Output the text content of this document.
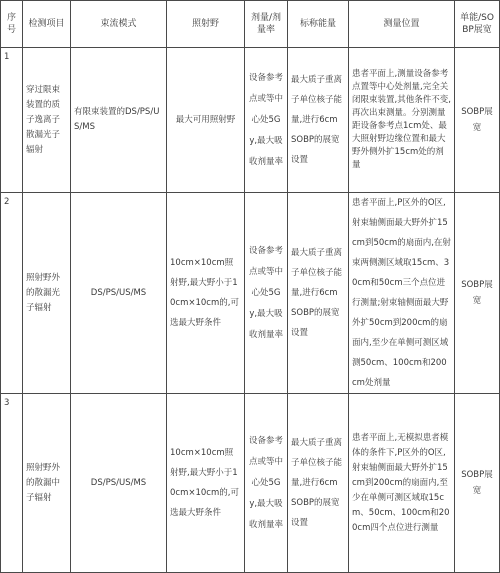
序号	检测项目	束流模式	照射野	剂量/剂量率	标称能量	测量位置	单能/SOBP展宽
1	穿过限束装置的质子逸离子散漏光子辐射	有限束装置的DS/PS/US/MS	最大可用照射野	设备参考点或等中心处5Gy,最大吸收剂量率	最大质子重离子单位核子能量,进行6cm SOBP的展宽设置	患者平面上,测量设备参考点置等中心处剂量,完全关闭限束装置,其他条件不变,再次出束测量。分别测量距设备参考点1cm处、最大照射野边缘位置和最大野外侧外扩15cm处的剂量	SOBP展宽
2	照射野外的散漏光子辐射	DS/PS/US/MS	10cm×10cm照射野,最大野小于10cm×10cm的,可选最大野条件	设备参考点或等中心处5Gy,最大吸收剂量率	最大质子重离子单位核子能量,进行6cm SOBP的展宽设置	患者平面上,P区外的O区,射束轴侧面最大野外扩15cm到50cm的扇面内,在射束两侧测区域取15cm、30cm和50cm三个点位进行测量;射束轴侧面最大野外扩50cm到200cm的扇面内,至少在单侧可测区域测50cm、100cm和200cm处剂量	SOBP展宽
3	照射野外的散漏中子辐射	DS/PS/US/MS	10cm×10cm照射野,最大野小于10cm×10cm的,可选最大野条件	设备参考点或等中心处5Gy,最大吸收剂量率	最大质子重离子单位核子能量,进行6cm SOBP的展宽设置	患者平面上,无模拟患者模体的条件下,P区外的O区,射束轴侧面最大野外扩15cm到200cm的扇面内,至少在单侧可测区域取15cm、50cm、100cm和200cm四个点位进行测量	SOBP展宽
